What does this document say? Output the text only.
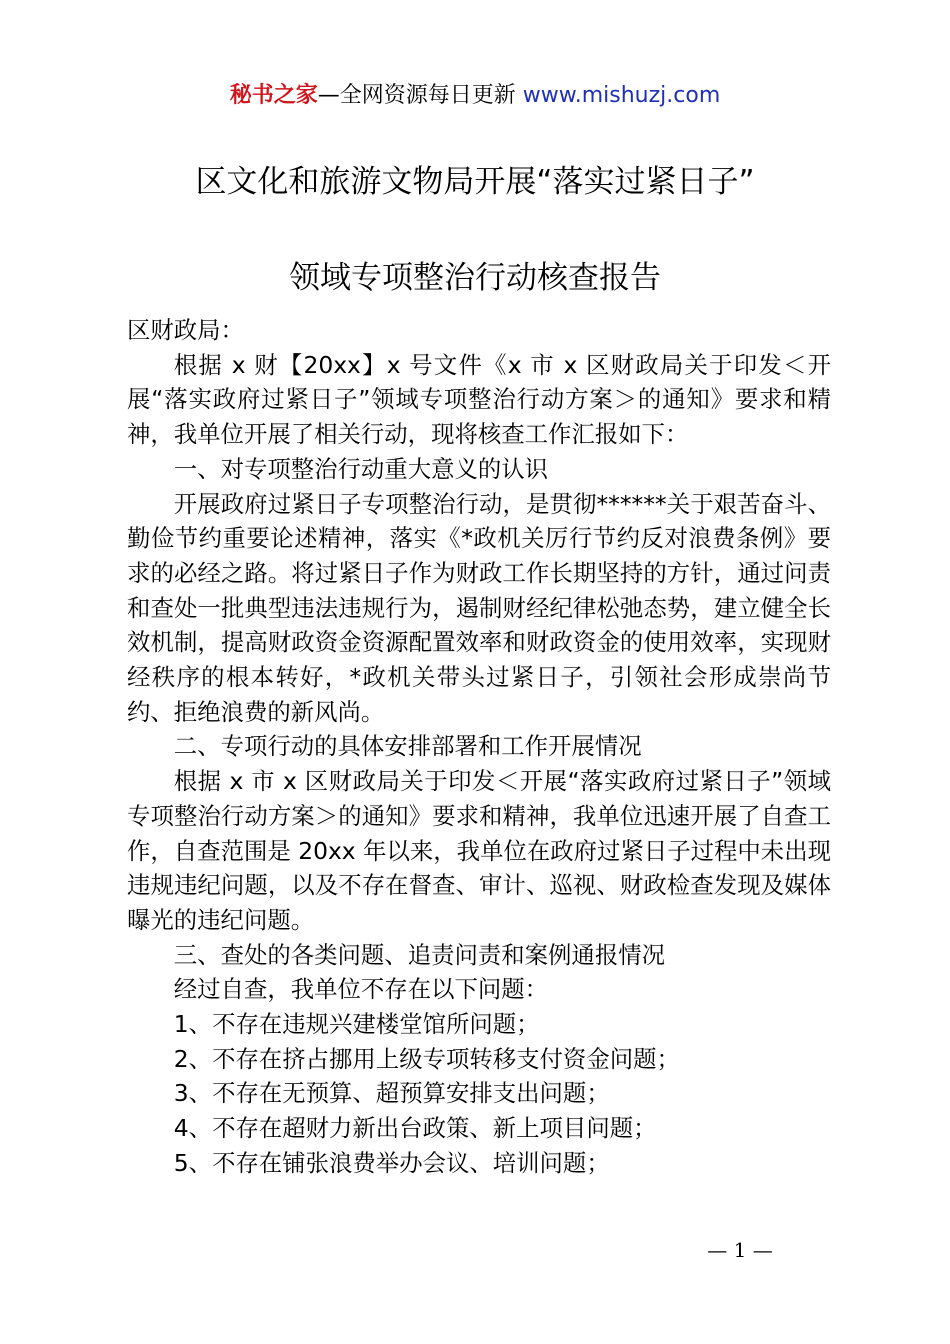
秘书之家—全网资源每日更新 www.mishuzj.com
区文化和旅游文物局开展“落实过紧日子”
领域专项整治行动核查报告

区财政局：

根据 x 财【20xx】x 号文件《x 市 x 区财政局关于印发＜开展“落实政府过紧日子”领域专项整治行动方案＞的通知》要求和精神，我单位开展了相关行动，现将核查工作汇报如下：

一、对专项整治行动重大意义的认识

开展政府过紧日子专项整治行动，是贯彻******关于艰苦奋斗、勤俭节约重要论述精神，落实《*政机关厉行节约反对浪费条例》要求的必经之路。将过紧日子作为财政工作长期坚持的方针，通过问责和查处一批典型违法违规行为，遏制财经纪律松弛态势，建立健全长效机制，提高财政资金资源配置效率和财政资金的使用效率，实现财经秩序的根本转好，*政机关带头过紧日子，引领社会形成崇尚节约、拒绝浪费的新风尚。

二、专项行动的具体安排部署和工作开展情况

根据 x 市 x 区财政局关于印发＜开展“落实政府过紧日子”领域专项整治行动方案＞的通知》要求和精神，我单位迅速开展了自查工作，自查范围是 20xx 年以来，我单位在政府过紧日子过程中未出现违规违纪问题，以及不存在督查、审计、巡视、财政检查发现及媒体曝光的违纪问题。

三、查处的各类问题、追责问责和案例通报情况

经过自查，我单位不存在以下问题：

1、不存在违规兴建楼堂馆所问题；

2、不存在挤占挪用上级专项转移支付资金问题；

3、不存在无预算、超预算安排支出问题；

4、不存在超财力新出台政策、新上项目问题；

5、不存在铺张浪费举办会议、培训问题；

— 1 —
